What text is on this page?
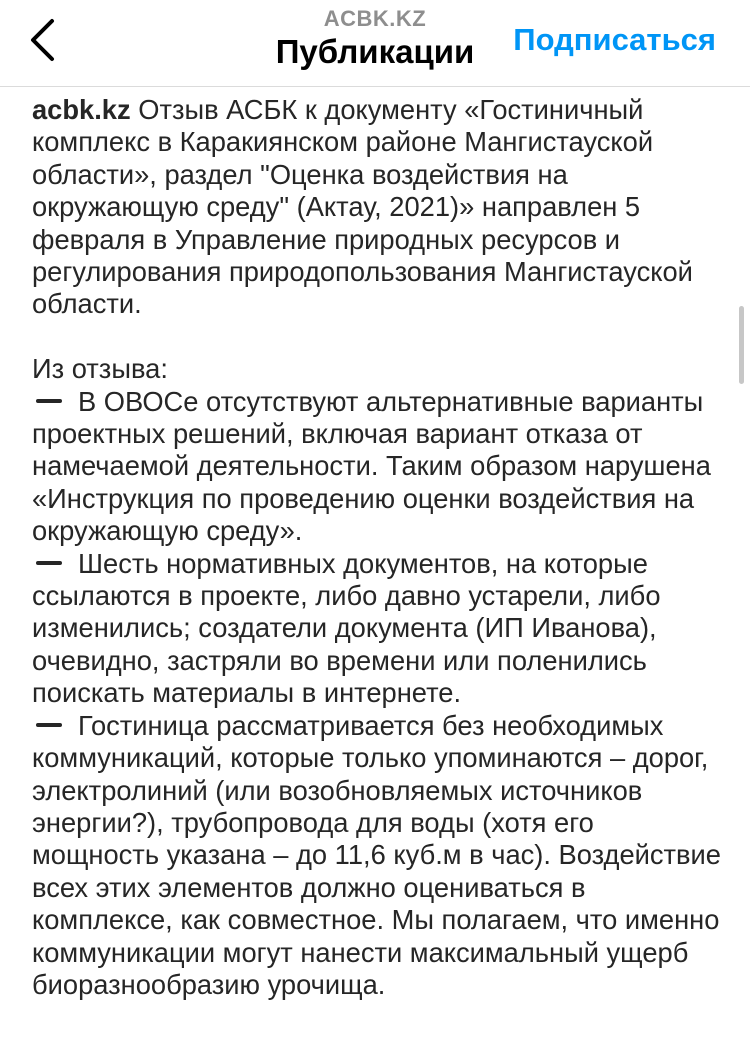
ACBK.KZ
Публикации	Подписаться
acbk.kz Отзыв АСБК к документу «Гостиничный комплекс в Каракиянском районе Мангистауской области», раздел "Оценка воздействия на окружающую среду" (Актау, 2021)» направлен 5 февраля в Управление природных ресурсов и регулирования природопользования Мангистауской области.
Из отзыва:
В ОВОСе отсутствуют альтернативные варианты проектных решений, включая вариант отказа от намечаемой деятельности. Таким образом нарушена «Инструкция по проведению оценки воздействия на окружающую среду».
Шесть нормативных документов, на которые ссылаются в проекте, либо давно устарели, либо изменились; создатели документа (ИП Иванова), очевидно, застряли во времени или поленились поискать материалы в интернете.
Гостиница рассматривается без необходимых коммуникаций, которые только упоминаются – дорог, электролиний (или возобновляемых источников энергии?), трубопровода для воды (хотя его мощность указана – до 11,6 куб.м в час). Воздействие всех этих элементов должно оцениваться в комплексе, как совместное. Мы полагаем, что именно коммуникации могут нанести максимальный ущерб биоразнообразию урочища.
